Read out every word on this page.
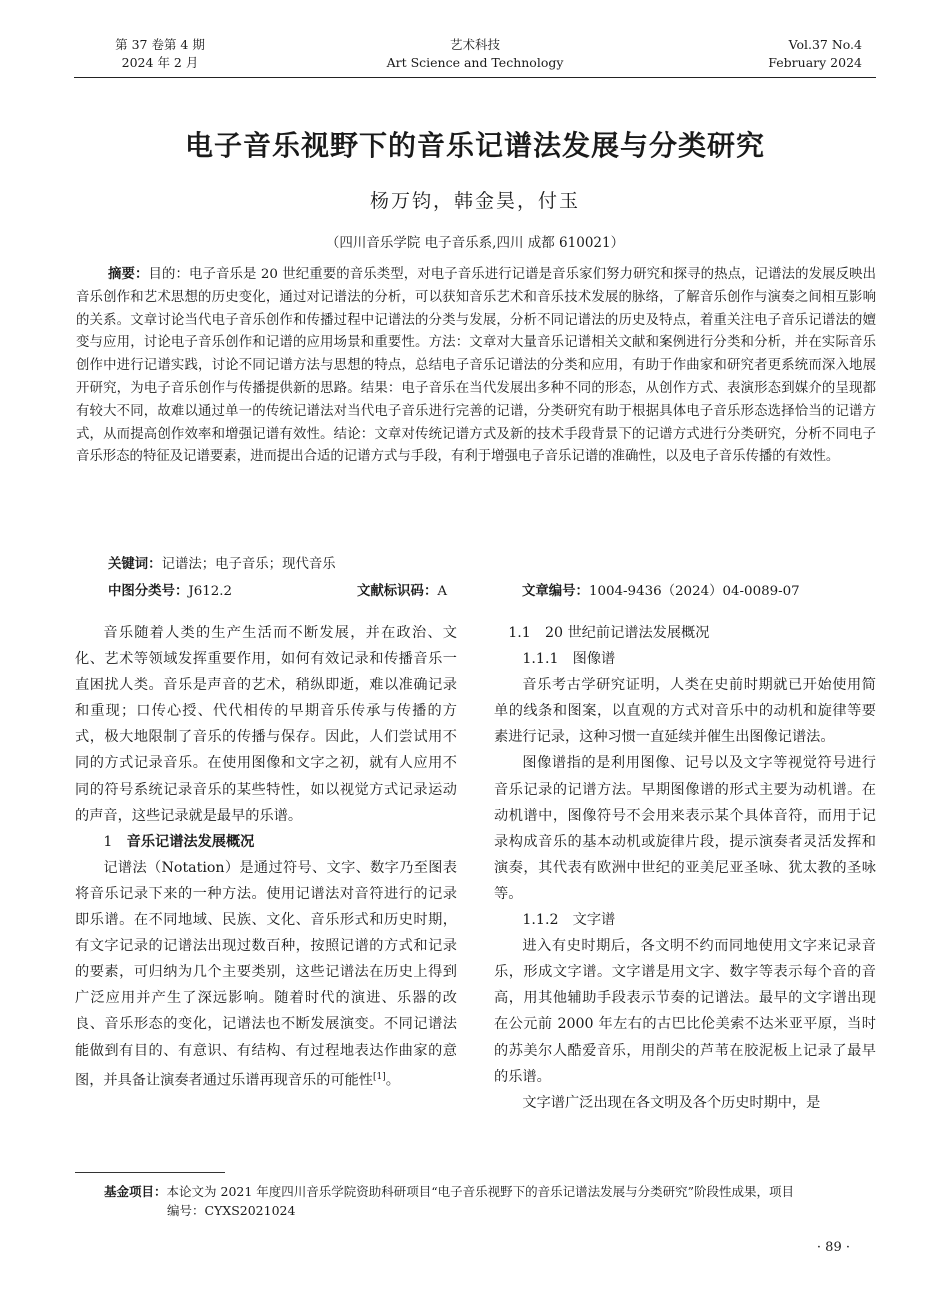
第 37 卷第 4 期
2024 年 2 月
艺术科技
Art Science and Technology
Vol.37 No.4
February 2024
电子音乐视野下的音乐记谱法发展与分类研究
杨万钧，韩金昊，付玉
（四川音乐学院 电子音乐系,四川 成都 610021）

摘要：目的：电子音乐是 20 世纪重要的音乐类型，对电子音乐进行记谱是音乐家们努力研究和探寻的热点，记谱法的发展反映出音乐创作和艺术思想的历史变化，通过对记谱法的分析，可以获知音乐艺术和音乐技术发展的脉络，了解音乐创作与演奏之间相互影响的关系。文章讨论当代电子音乐创作和传播过程中记谱法的分类与发展，分析不同记谱法的历史及特点，着重关注电子音乐记谱法的嬗变与应用，讨论电子音乐创作和记谱的应用场景和重要性。方法：文章对大量音乐记谱相关文献和案例进行分类和分析，并在实际音乐创作中进行记谱实践，讨论不同记谱方法与思想的特点，总结电子音乐记谱法的分类和应用，有助于作曲家和研究者更系统而深入地展开研究，为电子音乐创作与传播提供新的思路。结果：电子音乐在当代发展出多种不同的形态，从创作方式、表演形态到媒介的呈现都有较大不同，故难以通过单一的传统记谱法对当代电子音乐进行完善的记谱，分类研究有助于根据具体电子音乐形态选择恰当的记谱方式，从而提高创作效率和增强记谱有效性。结论：文章对传统记谱方式及新的技术手段背景下的记谱方式进行分类研究，分析不同电子音乐形态的特征及记谱要素，进而提出合适的记谱方式与手段，有利于增强电子音乐记谱的准确性，以及电子音乐传播的有效性。

关键词：记谱法；电子音乐；现代音乐
中图分类号：J612.2	文献标识码：A	文章编号：1004-9436（2024）04-0089-07

音乐随着人类的生产生活而不断发展，并在政治、文化、艺术等领域发挥重要作用，如何有效记录和传播音乐一直困扰人类。音乐是声音的艺术，稍纵即逝，难以准确记录和重现；口传心授、代代相传的早期音乐传承与传播的方式，极大地限制了音乐的传播与保存。因此，人们尝试用不同的方式记录音乐。在使用图像和文字之初，就有人应用不同的符号系统记录音乐的某些特性，如以视觉方式记录运动的声音，这些记录就是最早的乐谱。

1　 音乐记谱法发展概况

记谱法（Notation）是通过符号、文字、数字乃至图表将音乐记录下来的一种方法。使用记谱法对音符进行的记录即乐谱。在不同地域、民族、文化、音乐形式和历史时期，有文字记录的记谱法出现过数百种，按照记谱的方式和记录的要素，可归纳为几个主要类别，这些记谱法在历史上得到广泛应用并产生了深远影响。随着时代的演进、乐器的改良、音乐形态的变化，记谱法也不断发展演变。不同记谱法能做到有目的、有意识、有结构、有过程地表达作曲家的意图，并具备让演奏者通过乐谱再现音乐的可能性[1]。

1.1　20 世纪前记谱法发展概况

1.1.1　图像谱

音乐考古学研究证明，人类在史前时期就已开始使用简单的线条和图案，以直观的方式对音乐中的动机和旋律等要素进行记录，这种习惯一直延续并催生出图像记谱法。

图像谱指的是利用图像、记号以及文字等视觉符号进行音乐记录的记谱方法。早期图像谱的形式主要为动机谱。在动机谱中，图像符号不会用来表示某个具体音符，而用于记录构成音乐的基本动机或旋律片段，提示演奏者灵活发挥和演奏，其代表有欧洲中世纪的亚美尼亚圣咏、犹太教的圣咏等。

1.1.2　文字谱

进入有史时期后，各文明不约而同地使用文字来记录音乐，形成文字谱。文字谱是用文字、数字等表示每个音的音高，用其他辅助手段表示节奏的记谱法。最早的文字谱出现在公元前 2000 年左右的古巴比伦美索不达米亚平原，当时的苏美尔人酷爱音乐，用削尖的芦苇在胶泥板上记录了最早的乐谱。

文字谱广泛出现在各文明及各个历史时期中，是

基金项目：本论文为 2021 年度四川音乐学院资助科研项目“电子音乐视野下的音乐记谱法发展与分类研究”阶段性成果，项目
编号：CYXS2021024
· 89 ·
